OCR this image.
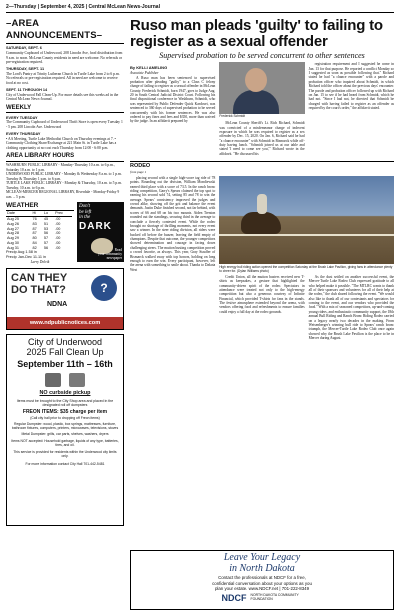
2—Thursday | September 4, 2025 | Central McLean News-Journal
–AREA ANNOUNCEMENTS–
SATURDAY, SEPT. 6
Community Cupboard of Underwood, 208 Lincoln Ave, food distribution from 9 a.m. to noon. McLean County residents in need are welcome. No referrals or pre-registration required.
THURSDAY, SEPT. 11
The Lord's Pantry at Trinity Lutheran Church in Turtle Lake from 2 to 6 p.m. No referrals or pre-registration required. All in need are welcome to receive food at no cost.
SEPT. 11 THROUGH 14
City of Underwood Fall Clean-Up. For more details see this weeks ad in the Central McLean News-Journal.
WEEKLY
EVERY TUESDAY
The Community Cupboard of Underwood Thrift Store is open every Tuesday 1 - 5 pm. 208 Lincoln Ave. Underwood
EVERY THURSDAY
• AA Meeting, Turtle Lake Methodist Church on Thursday evenings at 7. • Community Clothing Share/Exchange at 221 Main St. in Turtle Lake has a clothing opportunity at no cost each Thursday from 12:00 - 6:00 p.m.
AREA LIBRARY HOURS
WASHBURN PUBLIC LIBRARY - Monday-Thursday 10 a.m. to 6 p.m., Saturday 10 a.m. to 1 p.m.
UNDERWOOD PUBLIC LIBRARY - Monday & Wednesday 8 a.m. to 1 p.m. Tuesday & Thursday 1 p.m. to 6 p.m.
TURTLE LAKE PUBLIC LIBRARY - Monday & Thursday, 10 a.m. to 5 p.m. Tuesday, 10 a.m. to 6 p.m.
MCLEAN-MERCER REGIONAL LIBRARY, Riverdale - Monday-Friday 9 a.m. – 5 p.m.
WEATHER
Date	Hi	Lo	Prec
Aug 25	76	45	.00
Aug 26	83	51	.00
Aug 27	87	53	.00
Aug 28	87	56	.00
Aug 29	80	57	.00
Aug 30	84	57	.00
Aug 31	82	56	.00
Precip Aug 1.58 in
Precip Jan-Dec 11.11 in
Larry Dolvik
Don't
be left
in the
DARK
Read
your community
newspaper
CAN THEY
DO THAT?	?
NDNA
www.ndpublicnotices.com
City of Underwood
2025 Fall Clean Up
September 11th – 16th
NO curbside pickup
Items must be brought to the City Shop area and placed in the designated roll off dumpsters
FREON ITEMS: $35 charge per item
(Call city hall prior to dropping off Freon items)
Regular Dumpster: wood, plastic, box springs, mattresses, furniture, bathroom fixtures, computers, printers, microwaves, televisions, stoves
Metal Dumpster: grills, car parts, shelves, washers, dryers
Items NOT accepted: Household garbage, liquids of any type, batteries, tires, and oil.
This service is provided for residents within the Underwood city limits only.
For more information contact City Hall 701-442-5481
Ruso man pleads 'guilty' to failing to register as a sexual offender
Supervised probation to be served concurrent to other sentences
By KELLI AMELING
Associate Publisher

A Ruso man has been sentenced to supervised probation after pleading "guilty" to a Class C felony charge of failing to register as a sexual offender in McLean County. Frederick Schmidt, born 1947, goes to Judge Aug. 20 in South Central Judicial District Court. Following his final dispositional conference in Washburn, Schmidt, who was represented by Public Defender Quick Kardosei, was sentenced to 360 days of supervised probation to be served concurrently with his former sentences. He was also ordered to pay fines and fees and $350, more than waived by the judge. In an affidavit prepared by

Frederick Schmidt

McLean County Sheriff's Lt. Rich Richard, Schmidt was convicted of a misdemeanor charge of indecent exposure in which he was required to register as a sex offender by Dec. 15, 2020. On Jan. 6, Richard said he had "a chance encounter" with Schmidt in Bismarck while off-duty having lunch. "Schmidt joined us at our table and stated 'I need to come see you'," Richard wrote in the affidavit. "He discussed his

registration requirement and I suggested he come in Jan. 13 for that purpose. He reported a conflict Monday so I suggested as soon as possible following that." Richard stated he had "a chance encounter" with a parole and probation officer who inquired about Schmidt, in which Richard told the officer about the previous days' encounter. The parole and probation officer followed up with Richard on Jan. 15 to see if he had heard from Schmidt, which he had not. "Since I had not, he directed that Schmidt be charged with having failed to register as an offender as required by the court's order," the affidavit stated.

RODEO
from page 1

placing second with a single high-score tag ride of 78 points. Rounding out the division, William Mondiewski earned third place with a score of 73.5. In the ranch bronc riding competition, Garry's Spears claimed the top spot to earning his second sold 74, setting 85 and 78 to win the average. Spears' consistency improved the judges and crowd alike, showing off the grit and balance the event demands. Justin Duke finished second, not far behind, with scores of 66 and 68 on his two mounts. Aiden Trenton rounded out the standings, securing third in the average to conclude a fiercely contested event. While the rodeo brought no shortage of thrilling moments, not every event saw a winner. In the steer riding division, all riders were bucked off before the buzzer, leaving the field empty of champions. Despite that outcome, the younger competitors showed determination and courage in facing down challenging steers. The mutton busting competition proved a crowd favorite, as always. This year, Gray Stauffer of Bismarck walked away with top honors, holding on long enough to earn the win. Every participant, however, left the arena with something to smile about. Thanks to Dakota West

High energy bull riding action opened the competition Saturday at the Brush Lake Pavilion, giving fans in attendance plenty to cheer for. (Dylan Williams photo)

Credit Union, all the mutton busters received new T-shirts as keepsakes, a gesture that highlighted the community-driven spirit of the rodeo. Spectators in attendance were treated not only to the high-energy competition but also a generous courtesy of Infinite Financial, which provided T-shirts for fans in the stands. The festive atmosphere extended beyond the arena, with vendors offering food and refreshments to ensure families could enjoy a full day at the rodeo grounds.

As the dust settled on another successful event, the Mercer-Turtle Lake Rodeo Club expressed gratitude to all who helped make it possible. "The MTLRC wants to thank all of their sponsors and volunteers for all of their help at the rodeo," the club shared following the event. "We would also like to thank all of our contestants and spectators for coming to the event, and our vendors who provided the food." With a mix of seasoned competitors, up-and-coming young riders, and enthusiastic community support, the 18th annual Bull Riding and Ranch Bronc Riding Rodeo carried on a legacy nearly two decades in the making. From Weisenberger's winning bull ride to Spears' ranch bronc triumph, the Mercer-Turtle Lake Rodeo Club once again showed why the Brush Lake Pavilion is the place to be in Mercer during August.

Leave Your Legacy
in North Dakota
Contact the professionals at NDCF for a free,
confidential conversation about your options as you
plan your estate. www.NDCF.net | 701-222-8349
NDCF NORTH DAKOTA COMMUNITY FOUNDATION
